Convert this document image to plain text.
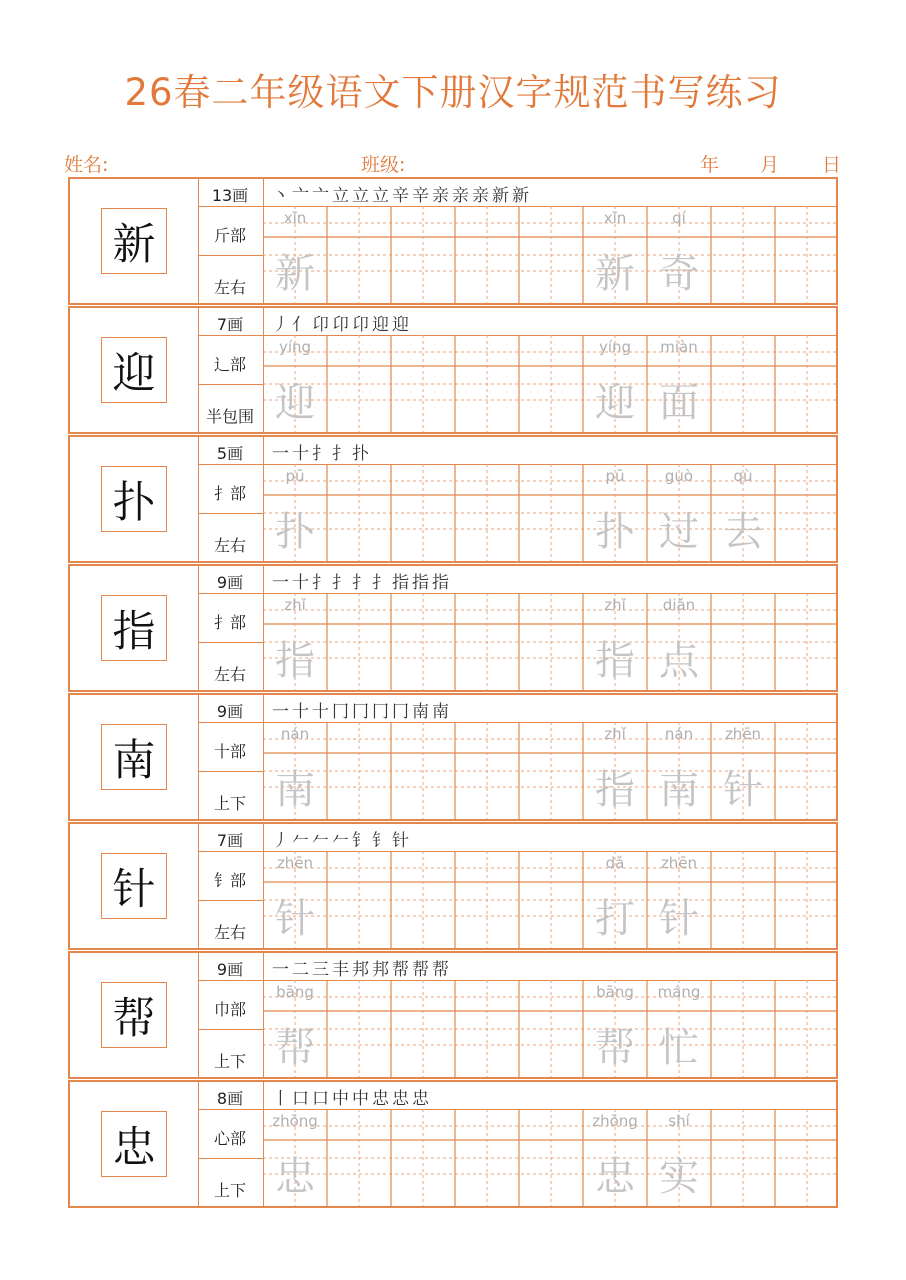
26春二年级语文下册汉字规范书写练习
姓名:	班级:	年 月 日
新
13画
斤部
左右
丶 亠 亠 立 立 立 辛 辛 亲 亲 亲 新 新
xīn
新
xīn
新
qí
奇
迎
7画
辶部
半包围
丿 亻 卬 卬 卬 迎 迎
yíng
迎
yíng
迎
miàn
面
扑
5画
扌部
左右
一 十 扌 扌 扑
pū
扑
pū
扑
guò
过
qù
去
指
9画
扌部
左右
一 十 扌 扌 扌 扌 指 指 指
zhǐ
指
zhǐ
指
diǎn
点
南
9画
十部
上下
一 十 十 冂 冂 冂 冂 南 南
nán
南
zhǐ
指
nán
南
zhēn
针
针
7画
钅部
左右
丿 𠂉 𠂉 𠂉 钅 钅 针
zhēn
针
dǎ
打
zhēn
针
帮
9画
巾部
上下
一 二 三 丰 邦 邦 帮 帮 帮
bāng
帮
bāng
帮
máng
忙
忠
8画
心部
上下
丨 口 口 中 中 忠 忠 忠
zhōng
忠
zhōng
忠
shí
实
